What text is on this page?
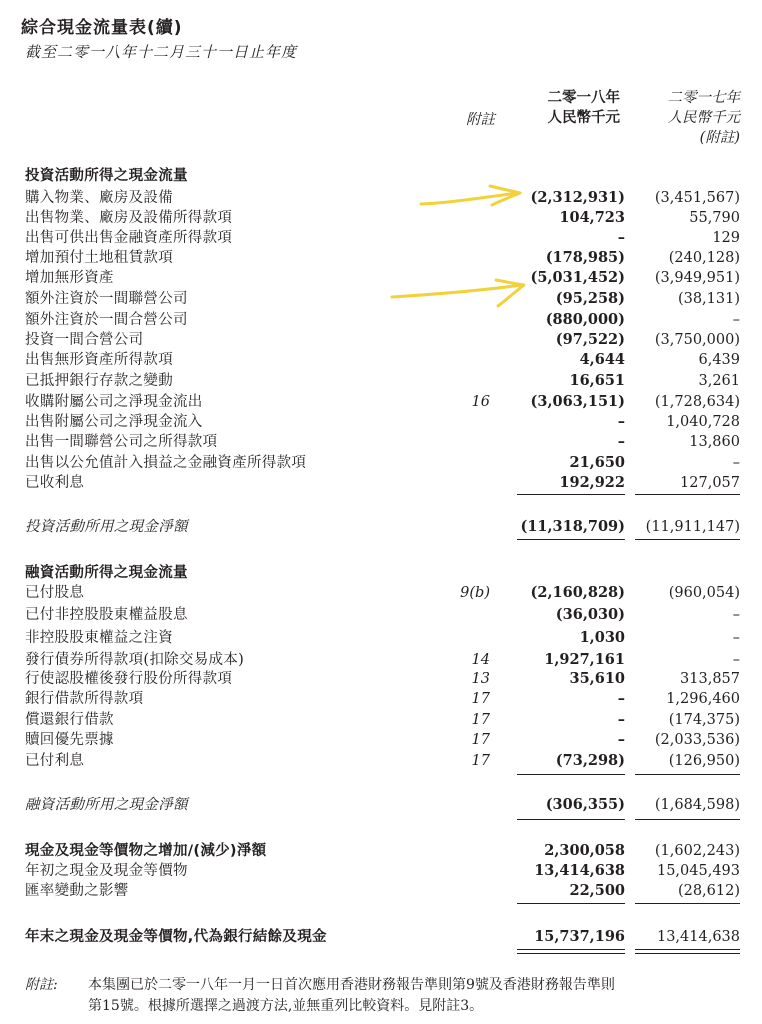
綜合現金流量表(續)
截至二零一八年十二月三十一日止年度
附註
二零一八年
人民幣千元
二零一七年
人民幣千元
(附註)
投資活動所得之現金流量
購入物業、廠房及設備	(2,312,931)	(3,451,567)
出售物業、廠房及設備所得款項	104,723	55,790
出售可供出售金融資產所得款項	–	129
增加預付土地租賃款項	(178,985)	(240,128)
增加無形資產	(5,031,452)	(3,949,951)
額外注資於一間聯營公司	(95,258)	(38,131)
額外注資於一間合營公司	(880,000)	–
投資一間合營公司	(97,522)	(3,750,000)
出售無形資產所得款項	4,644	6,439
已抵押銀行存款之變動	16,651	3,261
收購附屬公司之淨現金流出	16	(3,063,151)	(1,728,634)
出售附屬公司之淨現金流入	–	1,040,728
出售一間聯營公司之所得款項	–	13,860
出售以公允值計入損益之金融資產所得款項	21,650	–
已收利息	192,922	127,057
投資活動所用之現金淨額	(11,318,709)	(11,911,147)
融資活動所得之現金流量
已付股息	9(b)	(2,160,828)	(960,054)
已付非控股股東權益股息	(36,030)	–
非控股股東權益之注資	1,030	–
發行債券所得款項(扣除交易成本)	14	1,927,161	–
行使認股權後發行股份所得款項	13	35,610	313,857
銀行借款所得款項	17	–	1,296,460
償還銀行借款	17	–	(174,375)
贖回優先票據	17	–	(2,033,536)
已付利息	17	(73,298)	(126,950)
融資活動所用之現金淨額	(306,355)	(1,684,598)
現金及現金等價物之增加/(減少)淨額	2,300,058	(1,602,243)
年初之現金及現金等價物	13,414,638	15,045,493
匯率變動之影響	22,500	(28,612)
年末之現金及現金等價物,代為銀行結餘及現金	15,737,196	13,414,638
附註: 本集團已於二零一八年一月一日首次應用香港財務報告準則第9號及香港財務報告準則
第15號。根據所選擇之過渡方法,並無重列比較資料。見附註3。
